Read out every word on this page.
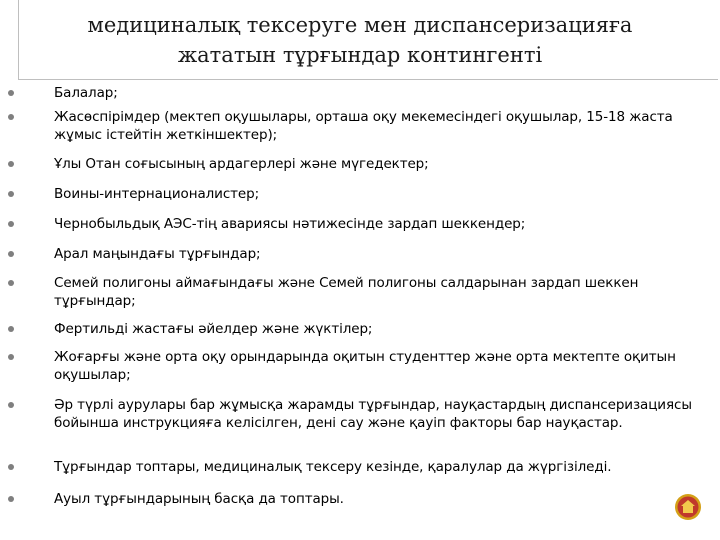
медициналық тексеруге мен диспансеризацияға жататын тұрғындар контингенті
Балалар;
Жасөспірімдер (мектеп оқушылары, орташа оқу мекемесіндегі оқушылар, 15-18 жаста жұмыс істейтін жеткіншектер);
Ұлы Отан соғысының ардагерлері және мүгедектер;
Воины-интернационалистер;
Чернобыльдық АЭС-тің авариясы нәтижесінде зардап шеккендер;
Арал маңындағы тұрғындар;
Семей полигоны аймағындағы және Семей полигоны салдарынан зардап шеккен тұрғындар;
Фертильді жастағы әйелдер және жүктілер;
Жоғарғы және орта оқу орындарында оқитын студенттер және орта мектепте оқитын оқушылар;
Әр түрлі аурулары бар жұмысқа жарамды тұрғындар, науқастардың диспансеризациясы бойынша инструкцияға келісілген, дені сау және қауіп факторы бар науқастар.
Тұрғындар топтары, медициналық тексеру кезінде, қаралулар да жүргізіледі.
Ауыл тұрғындарының басқа да топтары.
